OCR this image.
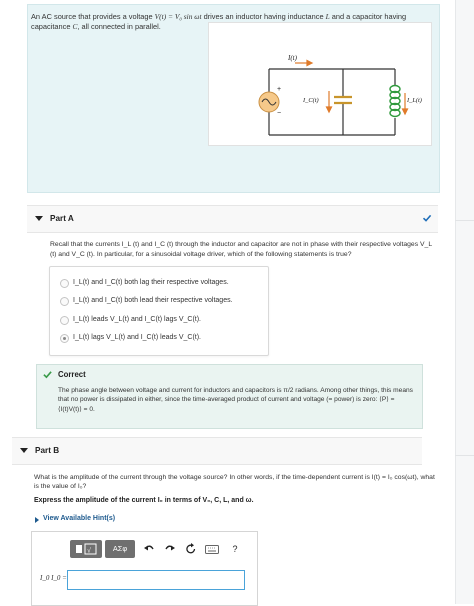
An AC source that provides a voltage V(t) = V₀ sin ωt drives an inductor having inductance L and a capacitor having capacitance C, all connected in parallel.
I(t)
I_C(t)	I_L(t)
+
−
Part A
Recall that the currents I_L (t) and I_C (t) through the inductor and capacitor are not in phase with their respective voltages V_L (t) and V_C (t). In particular, for a sinusoidal voltage driver, which of the following statements is true?
I_L(t) and I_C(t) both lag their respective voltages.
I_L(t) and I_C(t) both lead their respective voltages.
I_L(t) leads V_L(t) and I_C(t) lags V_C(t).
I_L(t) lags V_L(t) and I_C(t) leads V_C(t).
Correct
The phase angle between voltage and current for inductors and capacitors is π/2 radians. Among other things, this means that no power is dissipated in either, since the time-averaged product of current and voltage (= power) is zero: ⟨P⟩ = ⟨I(t)V(t)⟩ = 0.
Part B
What is the amplitude of the current through the voltage source? In other words, if the time-dependent current is I(t) = I₀ cos(ωt), what is the value of I₀?
Express the amplitude of the current I₀ in terms of V₀, C, L, and ω.
View Available Hint(s)
√	ΑΣφ	?
I_0 I_0 =
